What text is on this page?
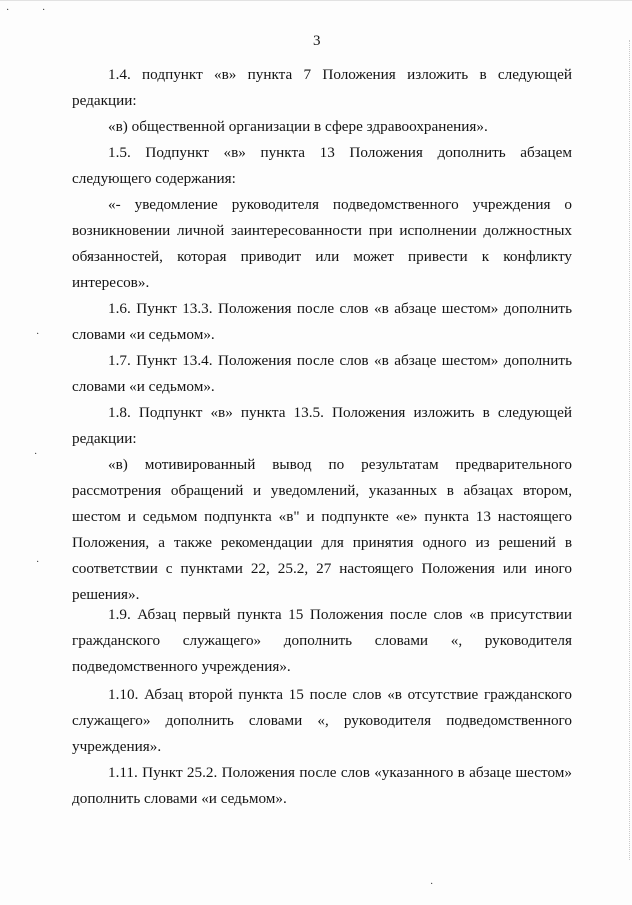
·	·
·
·
·
·
3

1.4. подпункт «в» пункта 7 Положения изложить в следующей редакции:

«в) общественной организации в сфере здравоохранения».

1.5. Подпункт «в» пункта 13 Положения дополнить абзацем следующего содержания:

«- уведомление руководителя подведомственного учреждения о возникновении личной заинтересованности при исполнении должностных обязанностей, которая приводит или может привести к конфликту интересов».

1.6. Пункт 13.3. Положения после слов «в абзаце шестом» дополнить словами «и седьмом».

1.7. Пункт 13.4. Положения после слов «в абзаце шестом» дополнить словами «и седьмом».

1.8. Подпункт «в» пункта 13.5. Положения изложить в следующей редакции:

«в) мотивированный вывод по результатам предварительного рассмотрения обращений и уведомлений, указанных в абзацах втором, шестом и седьмом подпункта «в" и подпункте «е» пункта 13 настоящего Положения, а также рекомендации для принятия одного из решений в соответствии с пунктами 22, 25.2, 27 настоящего Положения или иного решения».

1.9. Абзац первый пункта 15 Положения после слов «в присутствии гражданского служащего» дополнить словами «, руководителя подведомственного учреждения».

1.10. Абзац второй пункта 15 после слов «в отсутствие гражданского служащего» дополнить словами «, руководителя подведомственного учреждения».

1.11. Пункт 25.2. Положения после слов «указанного в абзаце шестом» дополнить словами «и седьмом».
